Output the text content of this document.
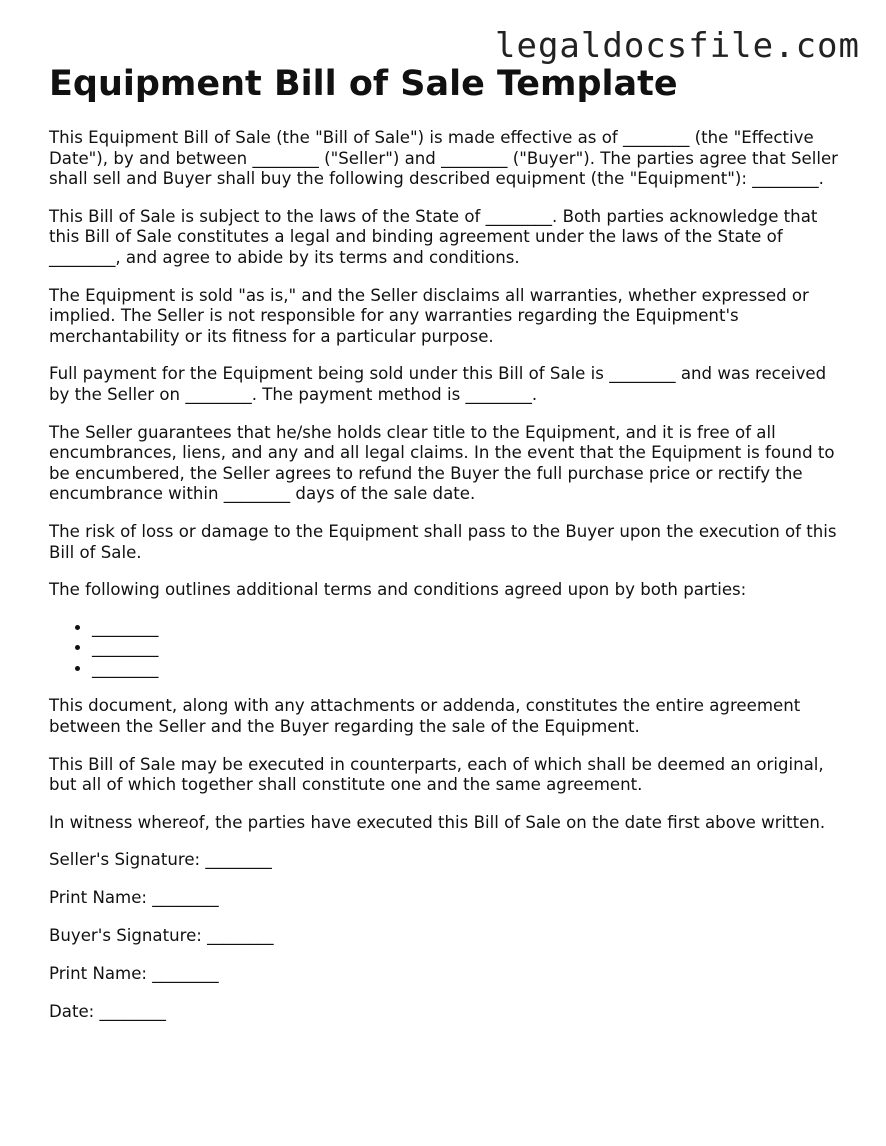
legaldocsfile.com
Equipment Bill of Sale Template

This Equipment Bill of Sale (the "Bill of Sale") is made effective as of ________ (the "Effective Date"), by and between ________ ("Seller") and ________ ("Buyer"). The parties agree that Seller shall sell and Buyer shall buy the following described equipment (the "Equipment"): ________.

This Bill of Sale is subject to the laws of the State of ________. Both parties acknowledge that this Bill of Sale constitutes a legal and binding agreement under the laws of the State of ________, and agree to abide by its terms and conditions.

The Equipment is sold "as is," and the Seller disclaims all warranties, whether expressed or implied. The Seller is not responsible for any warranties regarding the Equipment's merchantability or its fitness for a particular purpose.

Full payment for the Equipment being sold under this Bill of Sale is ________ and was received by the Seller on ________. The payment method is ________.

The Seller guarantees that he/she holds clear title to the Equipment, and it is free of all encumbrances, liens, and any and all legal claims. In the event that the Equipment is found to be encumbered, the Seller agrees to refund the Buyer the full purchase price or rectify the encumbrance within ________ days of the sale date.

The risk of loss or damage to the Equipment shall pass to the Buyer upon the execution of this Bill of Sale.

The following outlines additional terms and conditions agreed upon by both parties:

• ________
• ________
• ________

This document, along with any attachments or addenda, constitutes the entire agreement between the Seller and the Buyer regarding the sale of the Equipment.

This Bill of Sale may be executed in counterparts, each of which shall be deemed an original, but all of which together shall constitute one and the same agreement.

In witness whereof, the parties have executed this Bill of Sale on the date first above written.

Seller's Signature: ________

Print Name: ________

Buyer's Signature: ________

Print Name: ________

Date: ________
